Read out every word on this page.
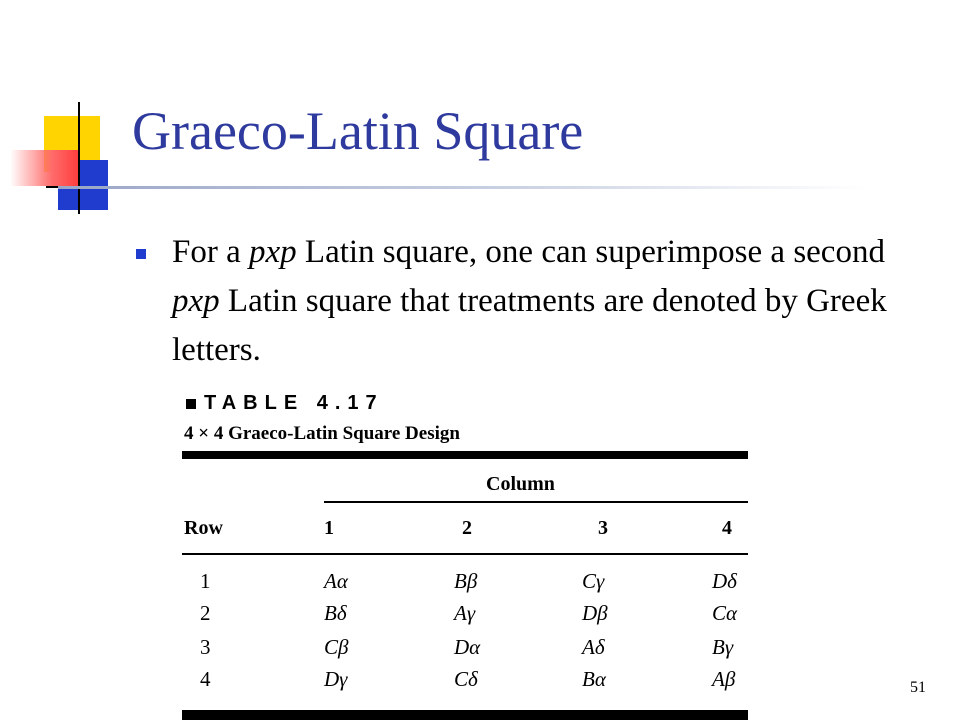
Graeco-Latin Square
For a pxp Latin square, one can superimpose a second pxp Latin square that treatments are denoted by Greek letters.
TABLE 4.17
4 × 4 Graeco-Latin Square Design
Column
Row	1	2	3	4
1	Aα	Bβ	Cγ	Dδ
2	Bδ	Aγ	Dβ	Cα
3	Cβ	Dα	Aδ	Bγ
4	Dγ	Cδ	Bα	Aβ	51
